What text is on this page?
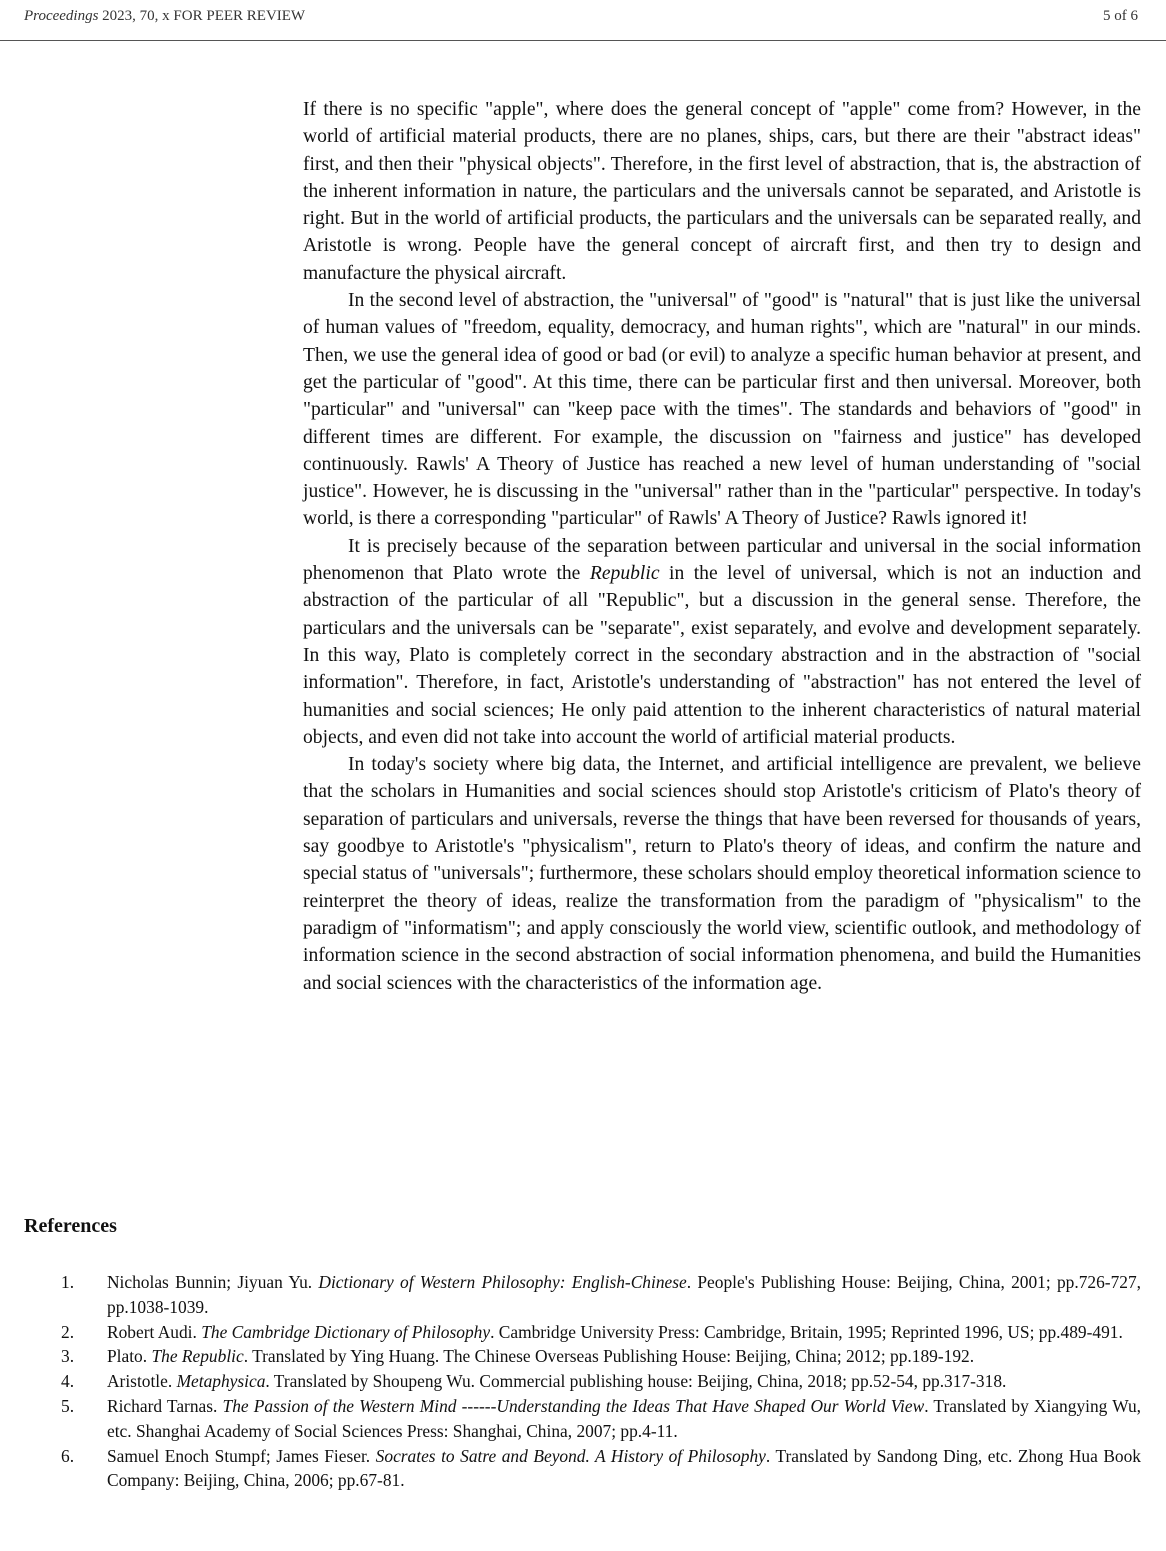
Proceedings 2023, 70, x FOR PEER REVIEW	5 of 6

If there is no specific "apple", where does the general concept of "apple" come from? However, in the world of artificial material products, there are no planes, ships, cars, but there are their "abstract ideas" first, and then their "physical objects". Therefore, in the first level of abstraction, that is, the abstraction of the inherent information in nature, the particulars and the universals cannot be separated, and Aristotle is right. But in the world of artificial products, the particulars and the universals can be separated really, and Aristotle is wrong. People have the general concept of aircraft first, and then try to design and manufacture the physical aircraft.

In the second level of abstraction, the "universal" of "good" is "natural" that is just like the universal of human values of "freedom, equality, democracy, and human rights", which are "natural" in our minds. Then, we use the general idea of good or bad (or evil) to analyze a specific human behavior at present, and get the particular of "good". At this time, there can be particular first and then universal. Moreover, both "particular" and "universal" can "keep pace with the times". The standards and behaviors of "good" in different times are different. For example, the discussion on "fairness and justice" has developed continuously. Rawls' A Theory of Justice has reached a new level of human understanding of "social justice". However, he is discussing in the "universal" rather than in the "particular" perspective. In today's world, is there a corresponding "particular" of Rawls' A Theory of Justice? Rawls ignored it!

It is precisely because of the separation between particular and universal in the social information phenomenon that Plato wrote the Republic in the level of universal, which is not an induction and abstraction of the particular of all "Republic", but a discussion in the general sense. Therefore, the particulars and the universals can be "separate", exist separately, and evolve and development separately. In this way, Plato is completely correct in the secondary abstraction and in the abstraction of "social information". Therefore, in fact, Aristotle's understanding of "abstraction" has not entered the level of humanities and social sciences; He only paid attention to the inherent characteristics of natural material objects, and even did not take into account the world of artificial material products.

In today's society where big data, the Internet, and artificial intelligence are prevalent, we believe that the scholars in Humanities and social sciences should stop Aristotle's criticism of Plato's theory of separation of particulars and universals, reverse the things that have been reversed for thousands of years, say goodbye to Aristotle's "physicalism", return to Plato's theory of ideas, and confirm the nature and special status of "universals"; furthermore, these scholars should employ theoretical information science to reinterpret the theory of ideas, realize the transformation from the paradigm of "physicalism" to the paradigm of "informatism"; and apply consciously the world view, scientific outlook, and methodology of information science in the second abstraction of social information phenomena, and build the Humanities and social sciences with the characteristics of the information age.

References
1. Nicholas Bunnin; Jiyuan Yu. Dictionary of Western Philosophy: English-Chinese. People's Publishing House: Beijing, China, 2001; pp.726-727, pp.1038-1039.
2. Robert Audi. The Cambridge Dictionary of Philosophy. Cambridge University Press: Cambridge, Britain, 1995; Reprinted 1996, US; pp.489-491.
3. Plato. The Republic. Translated by Ying Huang. The Chinese Overseas Publishing House: Beijing, China; 2012; pp.189-192.
4. Aristotle. Metaphysica. Translated by Shoupeng Wu. Commercial publishing house: Beijing, China, 2018; pp.52-54, pp.317-318.
5. Richard Tarnas. The Passion of the Western Mind ------Understanding the Ideas That Have Shaped Our World View. Translated by Xiangying Wu, etc. Shanghai Academy of Social Sciences Press: Shanghai, China, 2007; pp.4-11.
6. Samuel Enoch Stumpf; James Fieser. Socrates to Satre and Beyond. A History of Philosophy. Translated by Sandong Ding, etc. Zhong Hua Book Company: Beijing, China, 2006; pp.67-81.
